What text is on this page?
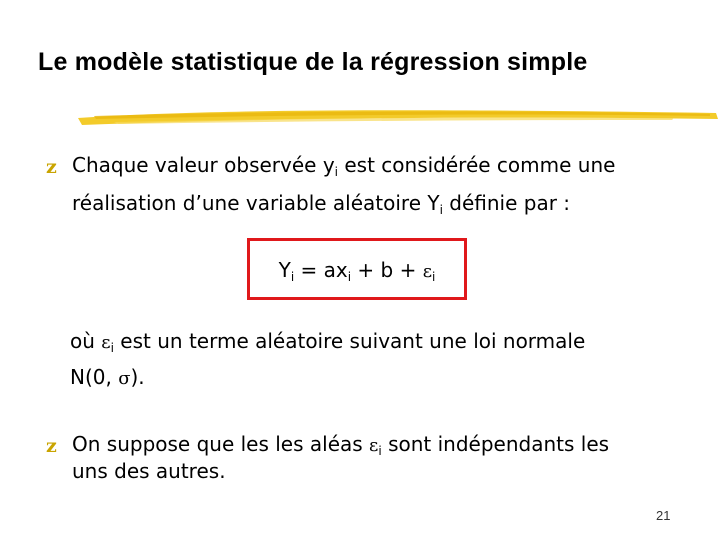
Le modèle statistique de la régression simple
z Chaque valeur observée $y_i$ est considérée comme une
réalisation d’une variable aléatoire $Y_i$ définie par :
$Y_i = ax_i + b + \varepsilon_i$
où $\varepsilon_i$ est un terme aléatoire suivant une loi normale
N(0, σ).
z On suppose que les les aléas $\varepsilon_i$ sont indépendants les
uns des autres.
21
